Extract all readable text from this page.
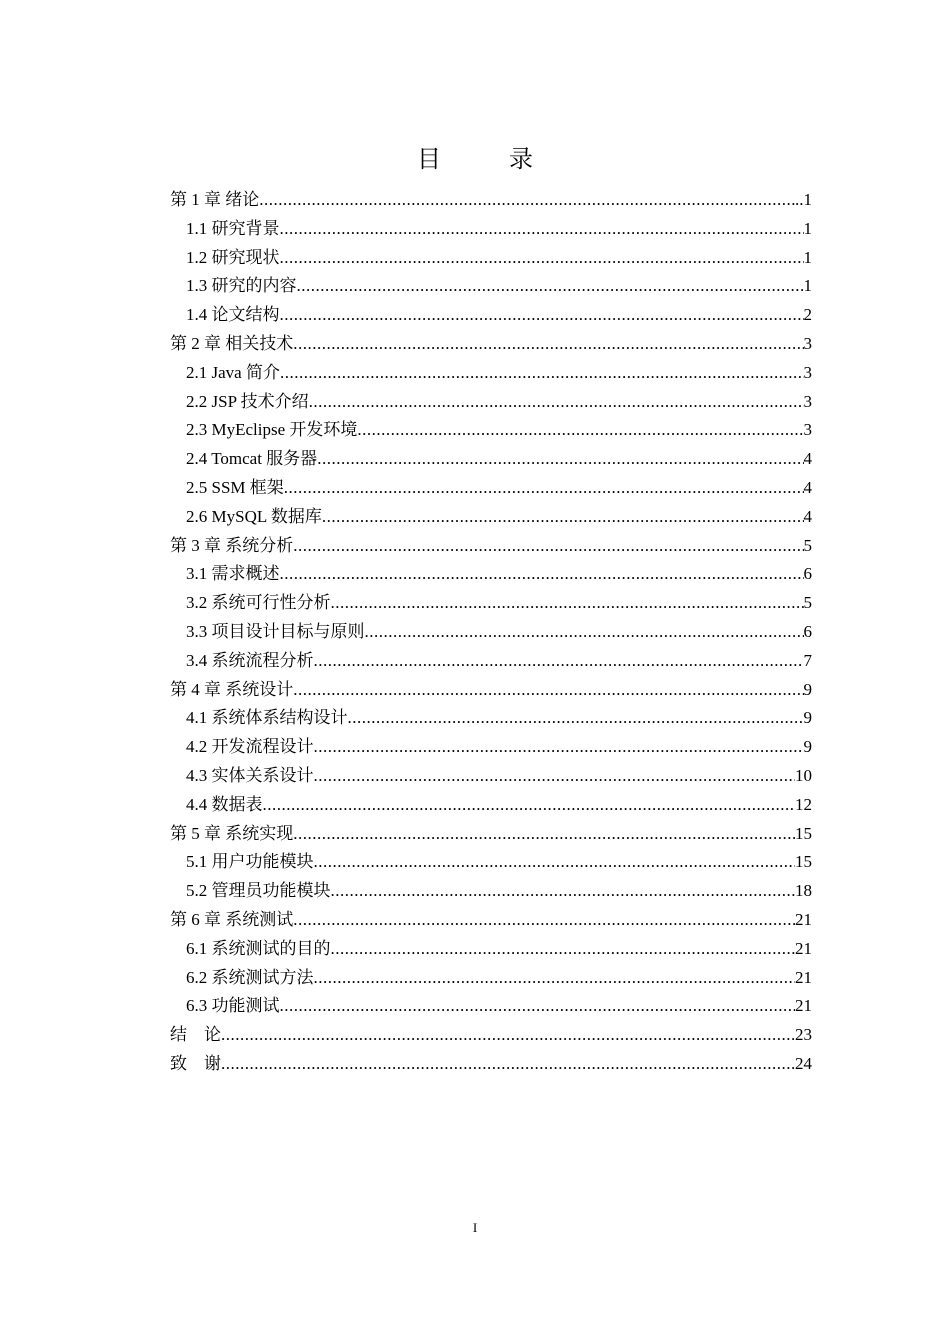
目　录
第 1 章 绪论 .....	..1
1.1 研究背景 .....	1
1.2 研究现状 .....	1
1.3 研究的内容 .....	1
1.4 论文结构 .....	2
第 2 章 相关技术 .....	3
2.1 Java 简介 .....	3
2.2 JSP 技术介绍 .....	3
2.3 MyEclipse 开发环境 .....	3
2.4 Tomcat 服务器 .....	4
2.5 SSM 框架 .....	4
2.6 MySQL 数据库 .....	4
第 3 章 系统分析 .....	5
3.1 需求概述 .....	6
3.2 系统可行性分析 .....	5
3.3 项目设计目标与原则 .....	6
3.4 系统流程分析 .....	7
第 4 章 系统设计 .....	9
4.1 系统体系结构设计 .....	9
4.2 开发流程设计 .....	9
4.3 实体关系设计 .....	10
4.4 数据表 .....	12
第 5 章 系统实现 .....	15
5.1 用户功能模块 .....	15
5.2 管理员功能模块 .....	18
第 6 章 系统测试 .....	21
6.1 系统测试的目的 .....	21
6.2 系统测试方法 .....	21
6.3 功能测试 .....	21
结　论 .....	23
致　谢 .....	24
I
